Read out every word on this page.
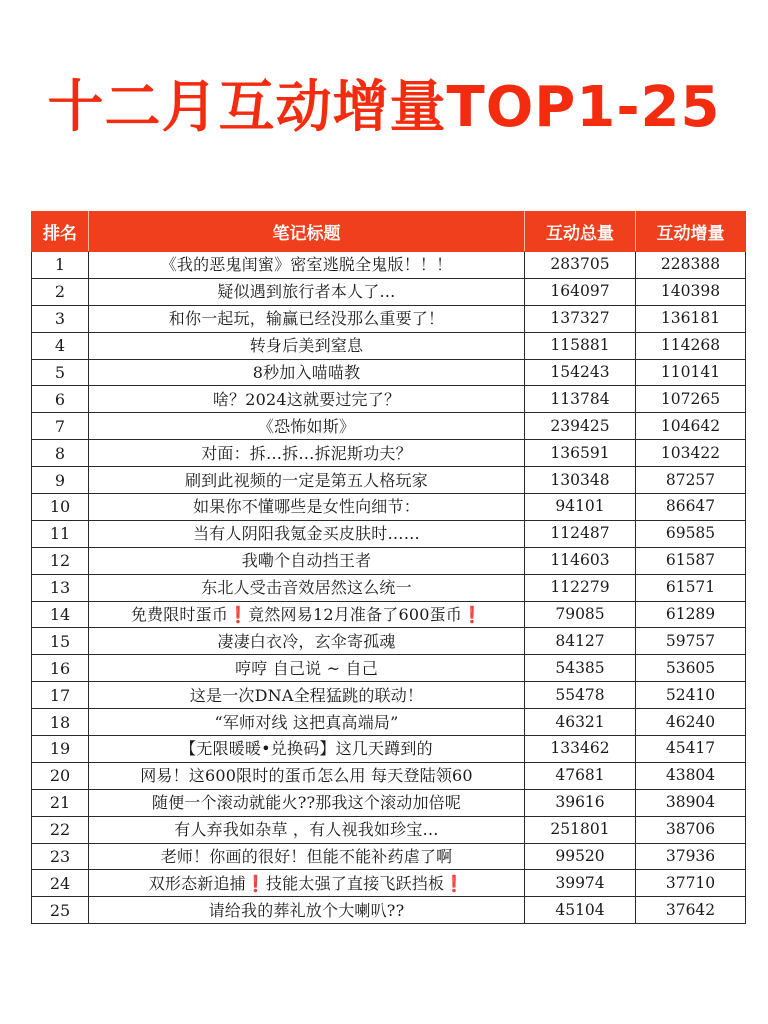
十二月互动增量TOP1-25
排名	笔记标题	互动总量	互动增量
1	《我的恶鬼闺蜜》密室逃脱全鬼版！！！	283705	228388
2	疑似遇到旅行者本人了…	164097	140398
3	和你一起玩，输赢已经没那么重要了！	137327	136181
4	转身后美到窒息	115881	114268
5	8秒加入喵喵教	154243	110141
6	啥？2024这就要过完了？	113784	107265
7	《恐怖如斯》	239425	104642
8	对面：拆…拆…拆泥斯功夫？	136591	103422
9	刷到此视频的一定是第五人格玩家	130348	87257
10	如果你不懂哪些是女性向细节：	94101	86647
11	当有人阴阳我氪金买皮肤时……	112487	69585
12	我嘞个自动挡王者	114603	61587
13	东北人受击音效居然这么统一	112279	61571
14	免费限时蛋币❗️竟然网易12月准备了600蛋币❗️	79085	61289
15	凄凄白衣冷，玄伞寄孤魂	84127	59757
16	哼哼 自己说 ~ 自己	54385	53605
17	这是一次DNA全程猛跳的联动！	55478	52410
18	“军师对线 这把真高端局”	46321	46240
19	【无限暖暖•兑换码】这几天蹲到的	133462	45417
20	网易！这600限时的蛋币怎么用 每天登陆领60	47681	43804
21	随便一个滚动就能火??那我这个滚动加倍呢	39616	38904
22	有人弃我如杂草 ，有人视我如珍宝…	251801	38706
23	老师！你画的很好！但能不能补药虐了啊	99520	37936
24	双形态新追捕❗️技能太强了直接飞跃挡板❗️	39974	37710
25	请给我的葬礼放个大喇叭??	45104	37642
